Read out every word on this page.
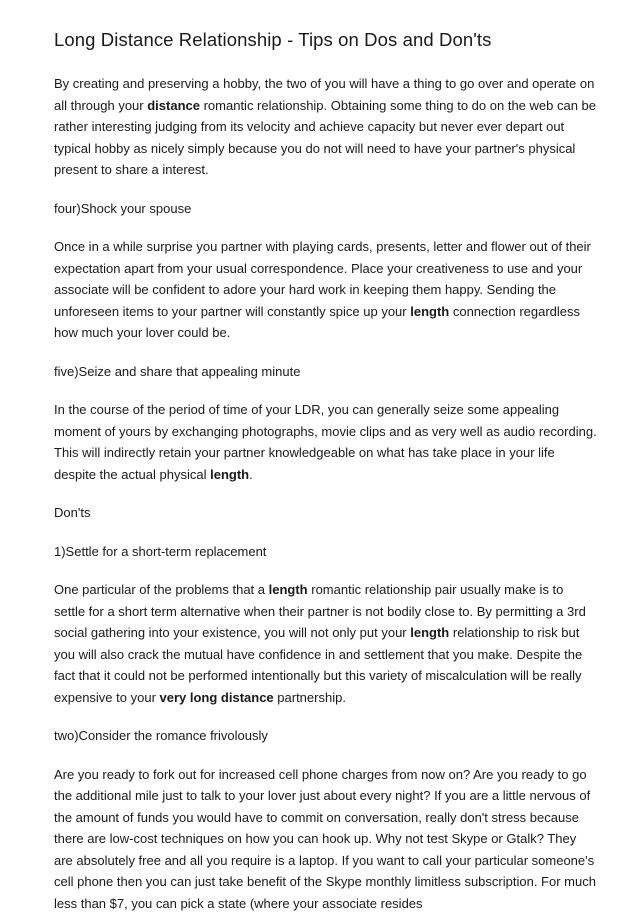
Long Distance Relationship - Tips on Dos and Don'ts

By creating and preserving a hobby, the two of you will have a thing to go over and operate on all through your distance romantic relationship. Obtaining some thing to do on the web can be rather interesting judging from its velocity and achieve capacity but never ever depart out typical hobby as nicely simply because you do not will need to have your partner's physical present to share a interest.

four)Shock your spouse

Once in a while surprise you partner with playing cards, presents, letter and flower out of their expectation apart from your usual correspondence. Place your creativeness to use and your associate will be confident to adore your hard work in keeping them happy. Sending the unforeseen items to your partner will constantly spice up your length connection regardless how much your lover could be.

five)Seize and share that appealing minute

In the course of the period of time of your LDR, you can generally seize some appealing moment of yours by exchanging photographs, movie clips and as very well as audio recording. This will indirectly retain your partner knowledgeable on what has take place in your life despite the actual physical length.

Don'ts

1)Settle for a short-term replacement

One particular of the problems that a length romantic relationship pair usually make is to settle for a short term alternative when their partner is not bodily close to. By permitting a 3rd social gathering into your existence, you will not only put your length relationship to risk but you will also crack the mutual have confidence in and settlement that you make. Despite the fact that it could not be performed intentionally but this variety of miscalculation will be really expensive to your very long distance partnership.

two)Consider the romance frivolously

Are you ready to fork out for increased cell phone charges from now on? Are you ready to go the additional mile just to talk to your lover just about every night? If you are a little nervous of the amount of funds you would have to commit on conversation, really don't stress because there are low-cost techniques on how you can hook up. Why not test Skype or Gtalk? They are absolutely free and all you require is a laptop. If you want to call your particular someone's cell phone then you can just take benefit of the Skype monthly limitless subscription. For much less than $7, you can pick a state (where your associate resides
